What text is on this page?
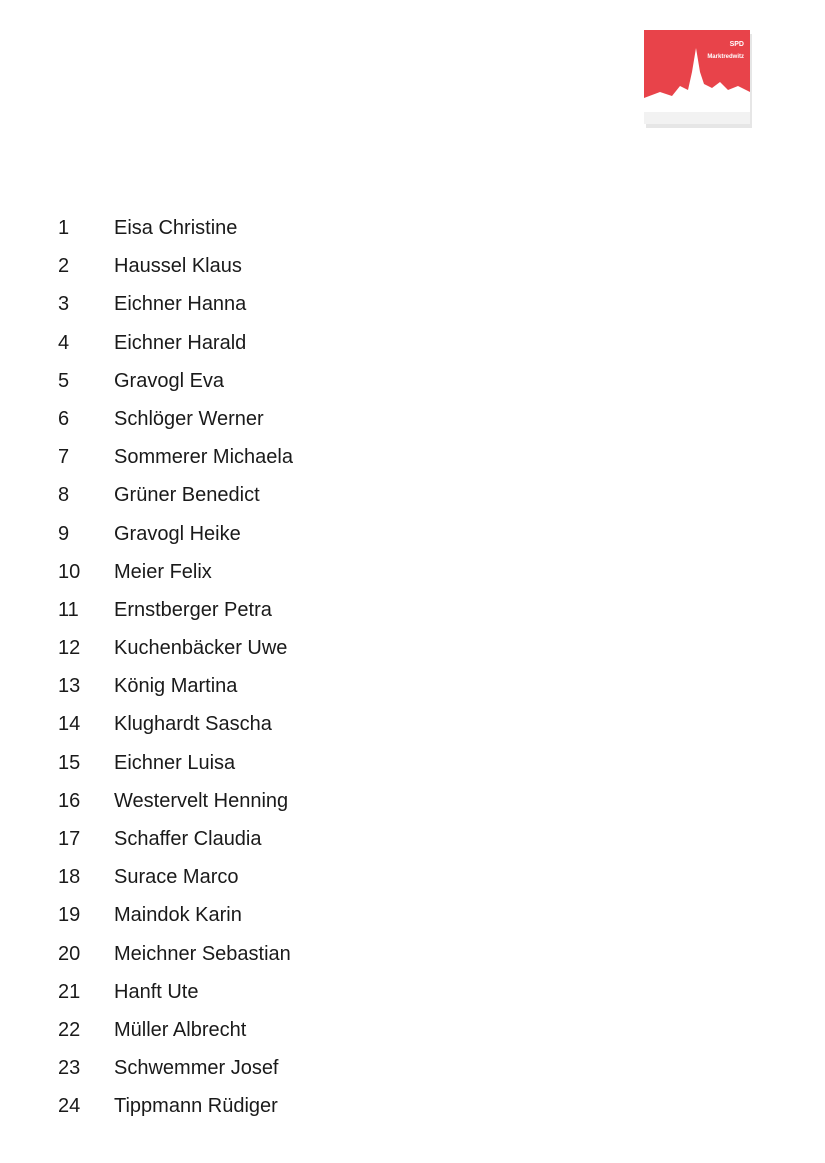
SPD
Marktredwitz
1 Eisa Christine
2 Haussel Klaus
3 Eichner Hanna
4 Eichner Harald
5 Gravogl Eva
6 Schlöger Werner
7 Sommerer Michaela
8 Grüner Benedict
9 Gravogl Heike
10 Meier Felix
11 Ernstberger Petra
12 Kuchenbäcker Uwe
13 König Martina
14 Klughardt Sascha
15 Eichner Luisa
16 Westervelt Henning
17 Schaffer Claudia
18 Surace Marco
19 Maindok Karin
20 Meichner Sebastian
21 Hanft Ute
22 Müller Albrecht
23 Schwemmer Josef
24 Tippmann Rüdiger
